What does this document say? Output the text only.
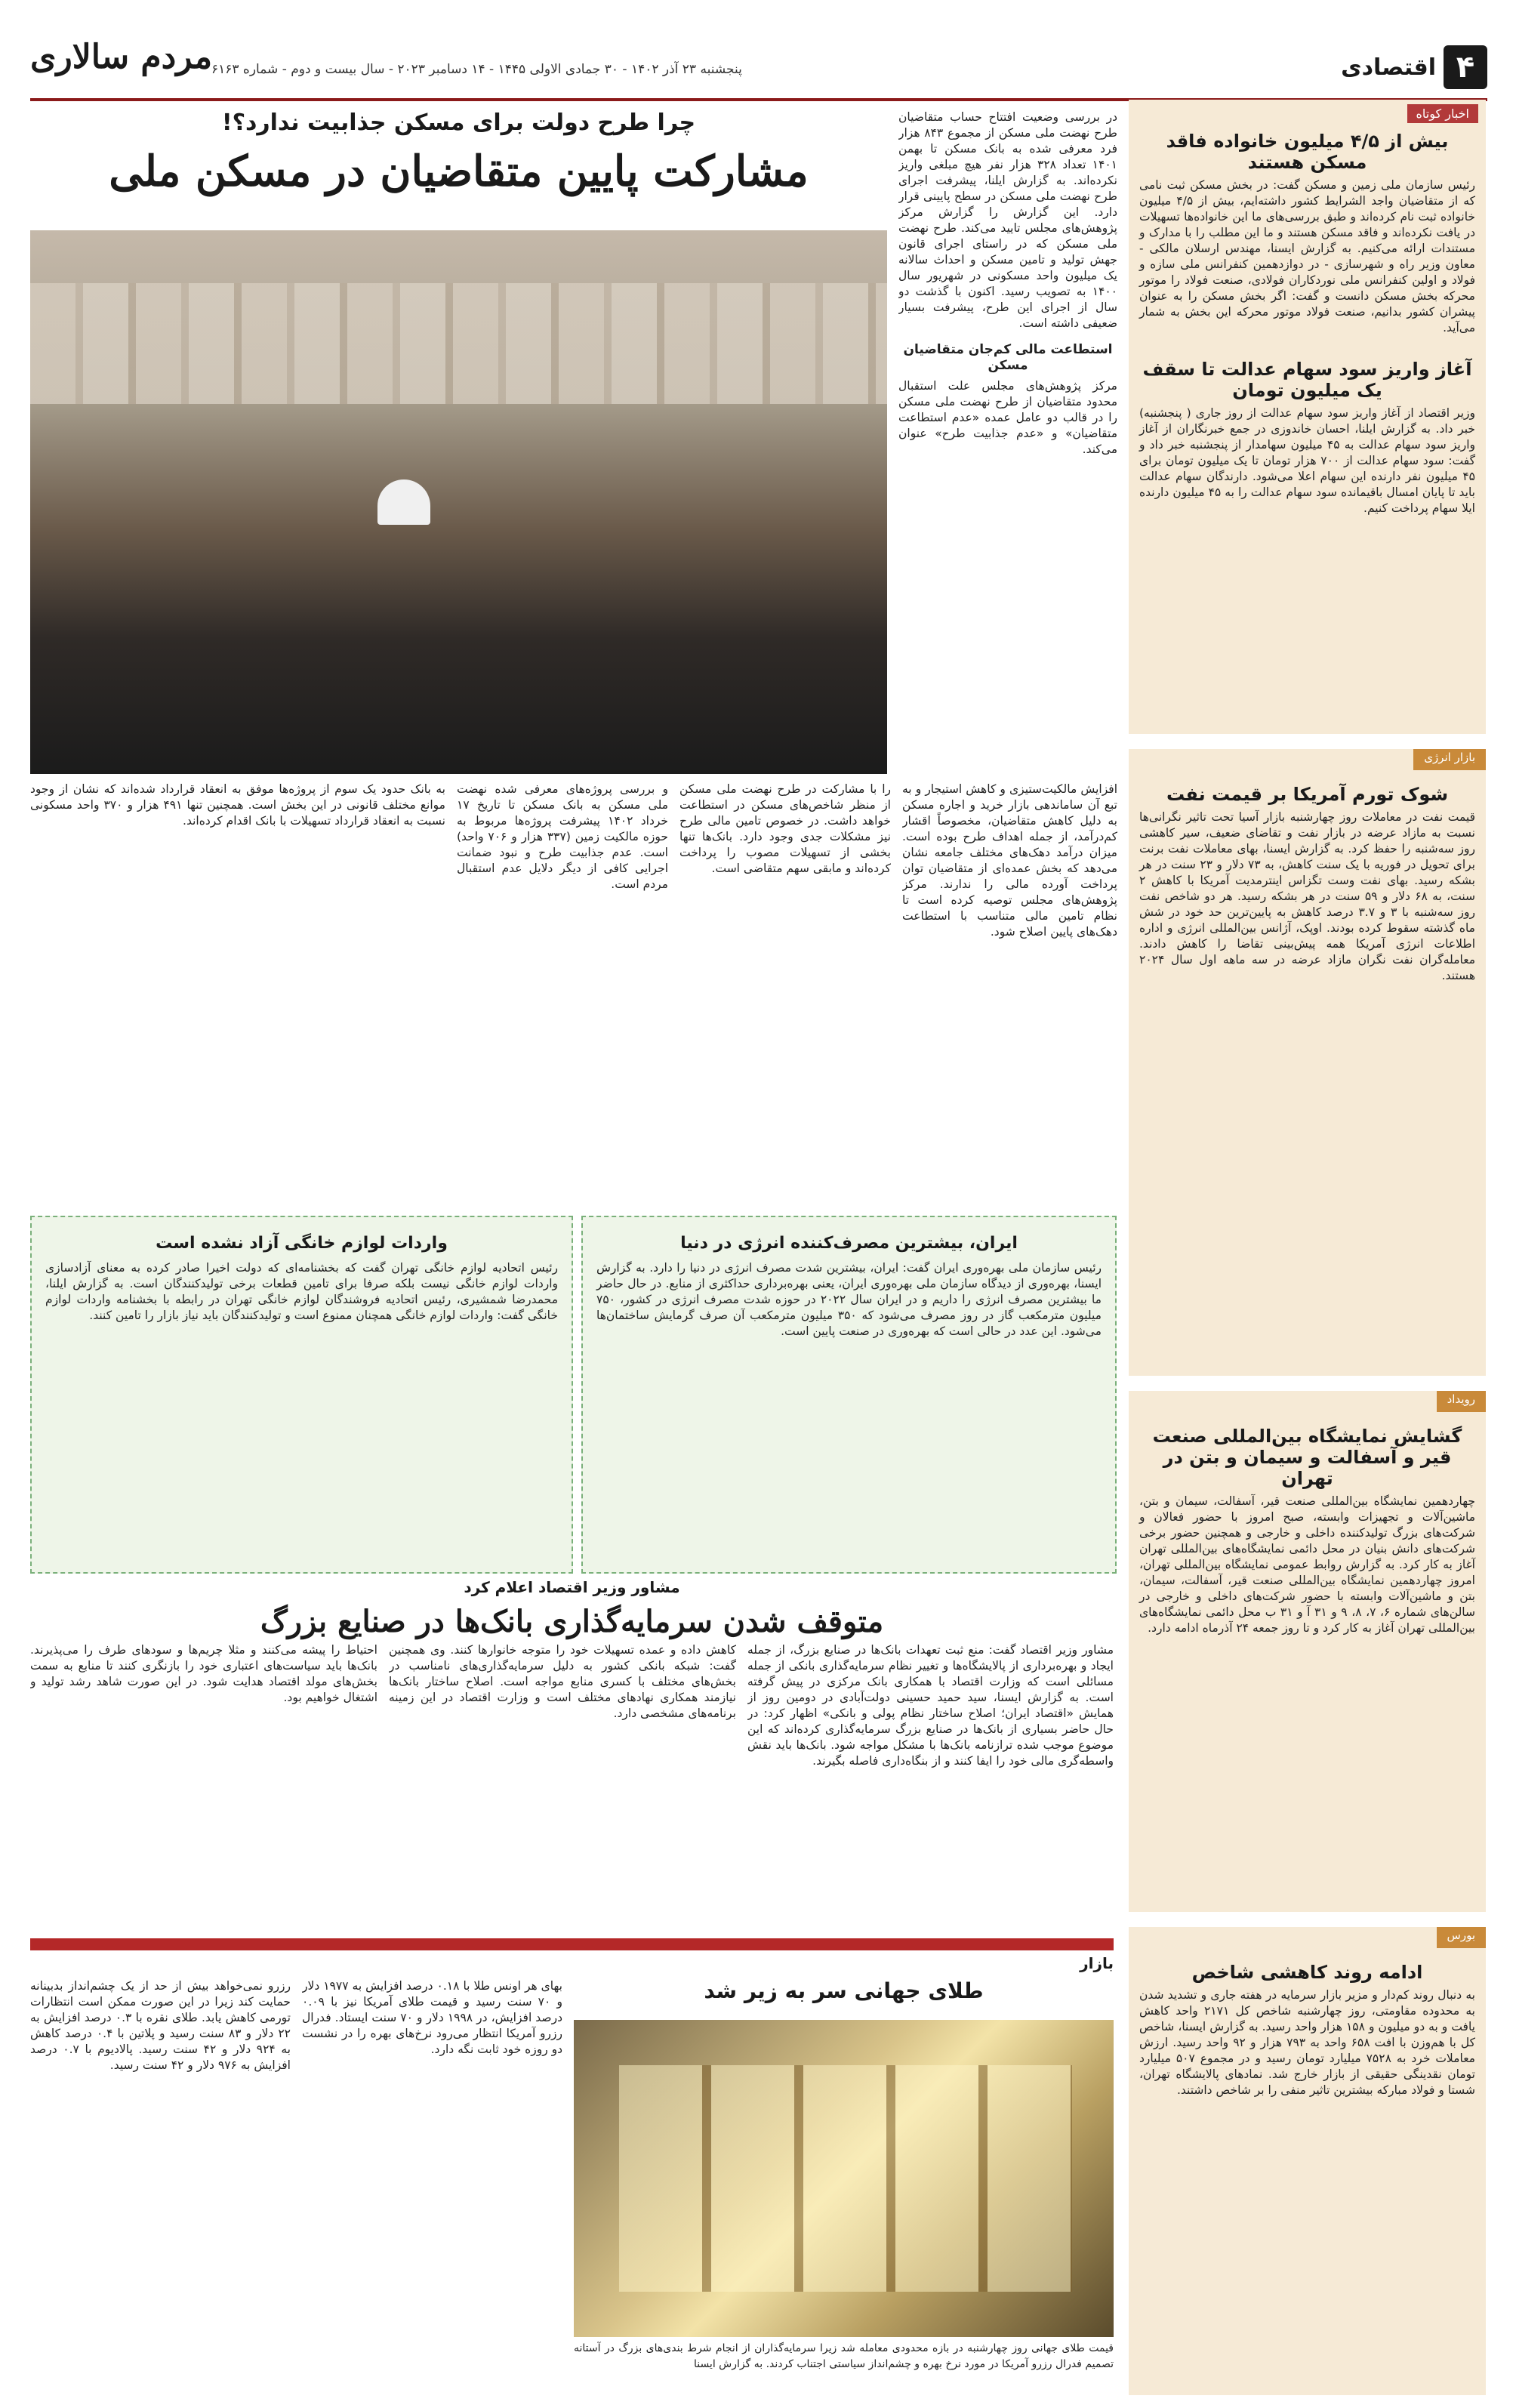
مردم سالاری
پنجشنبه ۲۳ آذر ۱۴۰۲ - ۳۰ جمادی الاولی ۱۴۴۵ - ۱۴ دسامبر ۲۰۲۳ - سال بیست و دوم - شماره ۶۱۶۳	۴
اقتصادی
اخبار کوتاه
بیش از ۴/۵ میلیون خانواده فاقد مسکن هستند

رئیس سازمان ملی زمین و مسکن گفت: در بخش مسکن ثبت نامی که از متقاضیان واجد الشرایط کشور داشته‌ایم، بیش از ۴/۵ میلیون خانواده ثبت نام کرده‌اند و طبق بررسی‌های ما این خانواده‌ها تسهیلات در یافت نکرده‌اند و فاقد مسکن هستند و ما این مطلب را با مدارک و مستندات ارائه می‌کنیم. به گزارش ایسنا، مهندس ارسلان مالکی - معاون وزیر راه و شهرسازی - در دوازدهمین کنفرانس ملی سازه و فولاد و اولین کنفرانس ملی نوردکاران فولادی، صنعت فولاد را موتور محرکه بخش مسکن دانست و گفت: اگر بخش مسکن را به عنوان پیشران کشور بدانیم، صنعت فولاد موتور محرکه این بخش به شمار می‌آید.

آغاز واریز سود سهام عدالت تا سقف یک میلیون تومان

وزیر اقتصاد از آغاز واریز سود سهام عدالت از روز جاری ( پنجشنبه) خبر داد. به گزارش ایلنا، احسان خاندوزی در جمع خبرنگاران از آغاز واریز سود سهام عدالت به ۴۵ میلیون سهامدار از پنجشنبه خبر داد و گفت: سود سهام عدالت از ۷۰۰ هزار تومان تا یک میلیون تومان برای ۴۵ میلیون نفر دارنده این سهام اعلا می‌شود. دارندگان سهام عدالت باید تا پایان امسال باقیمانده سود سهام عدالت را به ۴۵ میلیون دارنده ایلا سهام پرداخت کنیم.

بازار انرژی
شوک تورم آمریکا بر قیمت نفت

قیمت نفت در معاملات روز چهارشنبه بازار آسیا تحت تاثیر نگرانی‌ها نسبت به مازاد عرضه در بازار نفت و تقاضای ضعیف، سیر کاهشی روز سه‌شنبه را حفظ کرد. به گزارش ایسنا، بهای معاملات نفت برنت برای تحویل در فوریه با یک سنت کاهش، به ۷۳ دلار و ۲۳ سنت در هر بشکه رسید. بهای نفت وست تگزاس اینترمدیت آمریکا با کاهش ۲ سنت، به ۶۸ دلار و ۵۹ سنت در هر بشکه رسید. هر دو شاخص نفت روز سه‌شنبه با ۳ و ۳.۷ درصد کاهش به پایین‌ترین حد خود در شش ماه گذشته سقوط کرده بودند. اوپک، آژانس بین‌المللی انرژی و اداره اطلاعات انرژی آمریکا همه پیش‌بینی تقاضا را کاهش دادند. معامله‌گران نفت نگران مازاد عرضه در سه ماهه اول سال ۲۰۲۴ هستند.

رویداد
گشایش نمایشگاه بین‌المللی صنعت قیر و آسفالت و سیمان و بتن در تهران

چهاردهمین نمایشگاه بین‌المللی صنعت قیر، آسفالت، سیمان و بتن، ماشین‌آلات و تجهیزات وابسته، صبح امروز با حضور فعالان و شرکت‌های بزرگ تولیدکننده داخلی و خارجی و همچنین حضور برخی شرکت‌های دانش بنیان در محل دائمی نمایشگاه‌های بین‌المللی تهران آغاز به کار کرد. به گزارش روابط عمومی نمایشگاه بین‌المللی تهران، امروز چهاردهمین نمایشگاه بین‌المللی صنعت قیر، آسفالت، سیمان، بتن و ماشین‌آلات وابسته با حضور شرکت‌های داخلی و خارجی در سالن‌های شماره ۶، ۷، ۸، ۹ و ۳۱ آ و ۳۱ ب محل دائمی نمایشگاه‌های بین‌المللی تهران آغاز به کار کرد و تا روز جمعه ۲۴ آذرماه ادامه دارد.

بورس
ادامه روند کاهشی شاخص

به دنبال روند کم‌دار و مزیر بازار سرمایه در هفته جاری و تشدید شدن به محدوده مقاومتی، روز چهارشنبه شاخص کل ۲۱۷۱ واحد کاهش یافت و به دو میلیون و ۱۵۸ هزار واحد رسید. به گزارش ایسنا، شاخص کل با هم‌وزن با افت ۶۵۸ واحد به ۷۹۳ هزار و ۹۲ واحد رسید. ارزش معاملات خرد به ۷۵۲۸ میلیارد تومان رسید و در مجموع ۵۰۷ میلیارد تومان نقدینگی حقیقی از بازار خارج شد. نمادهای پالایشگاه تهران، شستا و فولاد مبارکه بیشترین تاثیر منفی را بر شاخص داشتند.

چرا طرح دولت برای مسکن جذابیت ندارد؟!
مشارکت پایین متقاضیان در مسکن ملی
در بررسی وضعیت افتتاح حساب متقاضیان طرح نهضت ملی مسکن از مجموع ۸۴۳ هزار فرد معرفی شده به بانک مسکن تا بهمن ۱۴۰۱ تعداد ۳۲۸ هزار نفر هیچ مبلغی واریز نکرده‌اند. به گزارش ایلنا، پیشرفت اجرای طرح نهضت ملی مسکن در سطح پایینی قرار دارد. این گزارش را گزارش مرکز پژوهش‌های مجلس تایید می‌کند. طرح نهضت ملی مسکن که در راستای اجرای قانون جهش تولید و تامین مسکن و احداث سالانه یک میلیون واحد مسکونی در شهریور سال ۱۴۰۰ به تصویب رسید. اکنون با گذشت دو سال از اجرای این طرح، پیشرفت بسیار ضعیفی داشته است.
استطاعت مالی کم‌جان متقاضیان مسکن
مرکز پژوهش‌های مجلس علت استقبال محدود متقاضیان از طرح نهضت ملی مسکن را در قالب دو عامل عمده «عدم استطاعت متقاضیان» و «عدم جذابیت طرح» عنوان می‌کند.
افزایش مالکیت‌ستیزی و کاهش استیجار و به تبع آن ساماندهی بازار خرید و اجاره مسکن به دلیل کاهش متقاضیان، مخصوصاً اقشار کم‌درآمد، از جمله اهداف طرح بوده است. میزان درآمد دهک‌های مختلف جامعه نشان می‌دهد که بخش عمده‌ای از متقاضیان توان پرداخت آورده مالی را ندارند. مرکز پژوهش‌های مجلس توصیه کرده است تا نظام تامین مالی متناسب با استطاعت دهک‌های پایین اصلاح شود.
را با مشارکت در طرح نهضت ملی مسکن از منظر شاخص‌های مسکن در استطاعت خواهد داشت. در خصوص تامین مالی طرح نیز مشکلات جدی وجود دارد. بانک‌ها تنها بخشی از تسهیلات مصوب را پرداخت کرده‌اند و مابقی سهم متقاضی است.
و بررسی پروژه‌های معرفی شده نهضت ملی مسکن به بانک مسکن تا تاریخ ۱۷ خرداد ۱۴۰۲ پیشرفت پروژه‌ها مربوط به حوزه مالکیت زمین (۳۳۷ هزار و ۷۰۶ واحد) است. عدم جذابیت طرح و نبود ضمانت اجرایی کافی از دیگر دلایل عدم استقبال مردم است.
به بانک حدود یک سوم از پروژه‌ها موفق به انعقاد قرارداد شده‌اند که نشان از وجود موانع مختلف قانونی در این بخش است. همچنین تنها ۴۹۱ هزار و ۳۷۰ واحد مسکونی نسبت به انعقاد قرارداد تسهیلات با بانک اقدام کرده‌اند.
ایران، بیشترین مصرف‌کننده انرژی در دنیا
رئیس سازمان ملی بهره‌وری ایران گفت: ایران، بیشترین شدت مصرف انرژی در دنیا را دارد. به گزارش ایسنا، بهره‌وری از دیدگاه سازمان ملی بهره‌وری ایران، یعنی بهره‌برداری حداکثری از منابع. در حال حاضر ما بیشترین مصرف انرژی را داریم و در ایران سال ۲۰۲۲ در حوزه شدت مصرف انرژی در کشور، ۷۵۰ میلیون مترمکعب گاز در روز مصرف می‌شود که ۳۵۰ میلیون مترمکعب آن صرف گرمایش ساختمان‌ها می‌شود. این عدد در حالی است که بهره‌وری در صنعت پایین است.
واردات لوازم خانگی آزاد نشده است
رئیس اتحادیه لوازم خانگی تهران گفت که بخشنامه‌ای که دولت اخیرا صادر کرده به معنای آزادسازی واردات لوازم خانگی نیست بلکه صرفا برای تامین قطعات برخی تولیدکنندگان است. به گزارش ایلنا، محمدرضا شمشیری، رئیس اتحادیه فروشندگان لوازم خانگی تهران در رابطه با بخشنامه واردات لوازم خانگی گفت: واردات لوازم خانگی همچنان ممنوع است و تولیدکنندگان باید نیاز بازار را تامین کنند.
مشاور وزیر اقتصاد اعلام کرد
متوقف شدن سرمایه‌گذاری بانک‌ها در صنایع بزرگ
مشاور وزیر اقتصاد گفت: منع ثبت تعهدات بانک‌ها در صنایع بزرگ، از جمله ایجاد و بهره‌برداری از پالایشگاه‌ها و تغییر نظام سرمایه‌گذاری بانکی از جمله مسائلی است که وزارت اقتصاد با همکاری بانک مرکزی در پیش گرفته است. به گزارش ایسنا، سید حمید حسینی دولت‌آبادی در دومین روز از همایش «اقتصاد ایران؛ اصلاح ساختار نظام پولی و بانکی» اظهار کرد: در حال حاضر بسیاری از بانک‌ها در صنایع بزرگ سرمایه‌گذاری کرده‌اند که این موضوع موجب شده ترازنامه بانک‌ها با مشکل مواجه شود. بانک‌ها باید نقش واسطه‌گری مالی خود را ایفا کنند و از بنگاه‌داری فاصله بگیرند.
کاهش داده و عمده تسهیلات خود را متوجه خانوارها کنند. وی همچنین گفت: شبکه بانکی کشور به دلیل سرمایه‌گذاری‌های نامناسب در بخش‌های مختلف با کسری منابع مواجه است. اصلاح ساختار بانک‌ها نیازمند همکاری نهادهای مختلف است و وزارت اقتصاد در این زمینه برنامه‌های مشخصی دارد.
احتیاط را پیشه می‌کنند و مثلا چریم‌ها و سودهای طرف را می‌پذیرند. بانک‌ها باید سیاست‌های اعتباری خود را بازنگری کنند تا منابع به سمت بخش‌های مولد اقتصاد هدایت شود. در این صورت شاهد رشد تولید و اشتغال خواهیم بود.
بازار
طلای جهانی سر به زیر شد
قیمت طلای جهانی روز چهارشنبه در بازه محدودی معامله شد زیرا سرمایه‌گذاران از انجام شرط بندی‌های بزرگ در آستانه تصمیم فدرال رزرو آمریکا در مورد نرخ بهره و چشم‌انداز سیاستی اجتناب کردند. به گزارش ایسنا
بهای هر اونس طلا با ۰.۱۸ درصد افزایش به ۱۹۷۷ دلار و ۷۰ سنت رسید و قیمت طلای آمریکا نیز با ۰.۰۹ درصد افزایش، در ۱۹۹۸ دلار و ۷۰ سنت ایستاد. فدرال رزرو آمریکا انتظار می‌رود نرخ‌های بهره را در نشست دو روزه خود ثابت نگه دارد.
رزرو نمی‌خواهد بیش از حد از یک چشم‌انداز بدبینانه حمایت کند زیرا در این صورت ممکن است انتظارات تورمی کاهش یابد. طلای نقره با ۰.۳ درصد افزایش به ۲۲ دلار و ۸۳ سنت رسید و پلاتین با ۰.۴ درصد کاهش به ۹۲۴ دلار و ۴۲ سنت رسید. پالادیوم با ۰.۷ درصد افزایش به ۹۷۶ دلار و ۴۲ سنت رسید.
